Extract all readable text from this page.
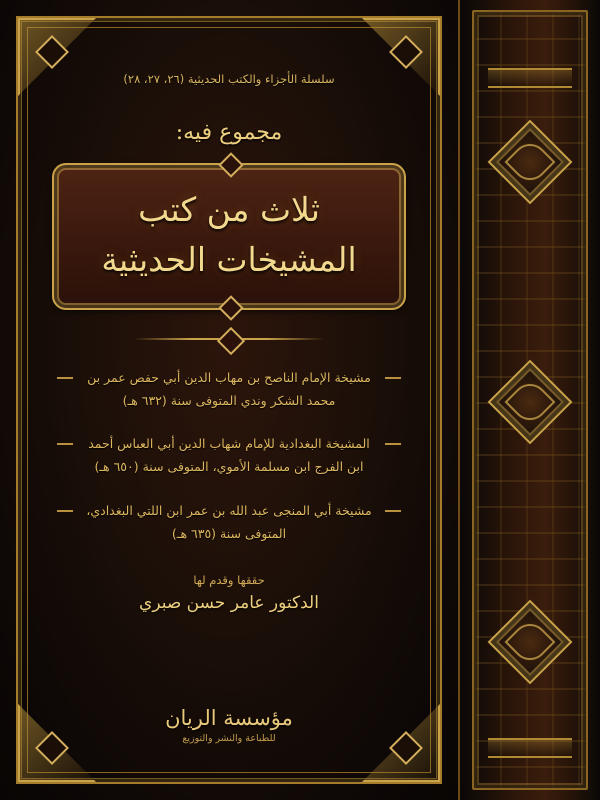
سلسلة الأجزاء والكتب الحديثية (٢٦، ٢٧، ٢٨)
مجموع فيه:
ثلاث من كتب المشيخات الحديثية
مشيخة الإمام الناصح بن مهاب الدين أبي حفص عمر بن محمد الشكر وندي المتوفى سنة (٦٣٢ هـ)
المشيخة البغدادية للإمام شهاب الدين أبي العباس أحمد ابن الفرج ابن مسلمة الأموي، المتوفى سنة (٦٥٠ هـ)
مشيخة أبي المنجى عبد الله بن عمر ابن اللتي البغدادي، المتوفى سنة (٦٣٥ هـ)
حققها وقدم لها
الدكتور عامر حسن صبري
مؤسسة الريان
للطباعة والنشر والتوزيع
